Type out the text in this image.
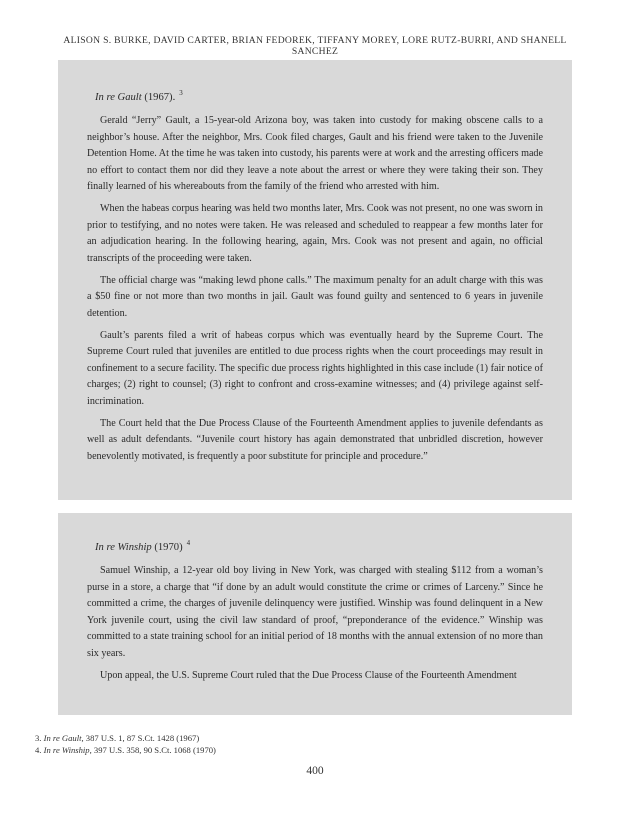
ALISON S. BURKE, DAVID CARTER, BRIAN FEDOREK, TIFFANY MOREY, LORE RUTZ-BURRI, AND SHANELL SANCHEZ
In re Gault (1967). $^3$

Gerald “Jerry” Gault, a 15-year-old Arizona boy, was taken into custody for making obscene calls to a neighbor’s house. After the neighbor, Mrs. Cook filed charges, Gault and his friend were taken to the Juvenile Detention Home. At the time he was taken into custody, his parents were at work and the arresting officers made no effort to contact them nor did they leave a note about the arrest or where they were taking their son. They finally learned of his whereabouts from the family of the friend who arrested with him.

When the habeas corpus hearing was held two months later, Mrs. Cook was not present, no one was sworn in prior to testifying, and no notes were taken. He was released and scheduled to reappear a few months later for an adjudication hearing. In the following hearing, again, Mrs. Cook was not present and again, no official transcripts of the proceeding were taken.

The official charge was “making lewd phone calls.” The maximum penalty for an adult charge with this was a $50 fine or not more than two months in jail. Gault was found guilty and sentenced to 6 years in juvenile detention.

Gault’s parents filed a writ of habeas corpus which was eventually heard by the Supreme Court. The Supreme Court ruled that juveniles are entitled to due process rights when the court proceedings may result in confinement to a secure facility. The specific due process rights highlighted in this case include (1) fair notice of charges; (2) right to counsel; (3) right to confront and cross-examine witnesses; and (4) privilege against self-incrimination.

The Court held that the Due Process Clause of the Fourteenth Amendment applies to juvenile defendants as well as adult defendants. “Juvenile court history has again demonstrated that unbridled discretion, however benevolently motivated, is frequently a poor substitute for principle and procedure.”

In re Winship (1970) $^4$

Samuel Winship, a 12-year old boy living in New York, was charged with stealing $112 from a woman’s purse in a store, a charge that “if done by an adult would constitute the crime or crimes of Larceny.” Since he committed a crime, the charges of juvenile delinquency were justified. Winship was found delinquent in a New York juvenile court, using the civil law standard of proof, “preponderance of the evidence.” Winship was committed to a state training school for an initial period of 18 months with the annual extension of no more than six years.

Upon appeal, the U.S. Supreme Court ruled that the Due Process Clause of the Fourteenth Amendment

3. In re Gault, 387 U.S. 1, 87 S.Ct. 1428 (1967)
4. In re Winship, 397 U.S. 358, 90 S.Ct. 1068 (1970)
400
